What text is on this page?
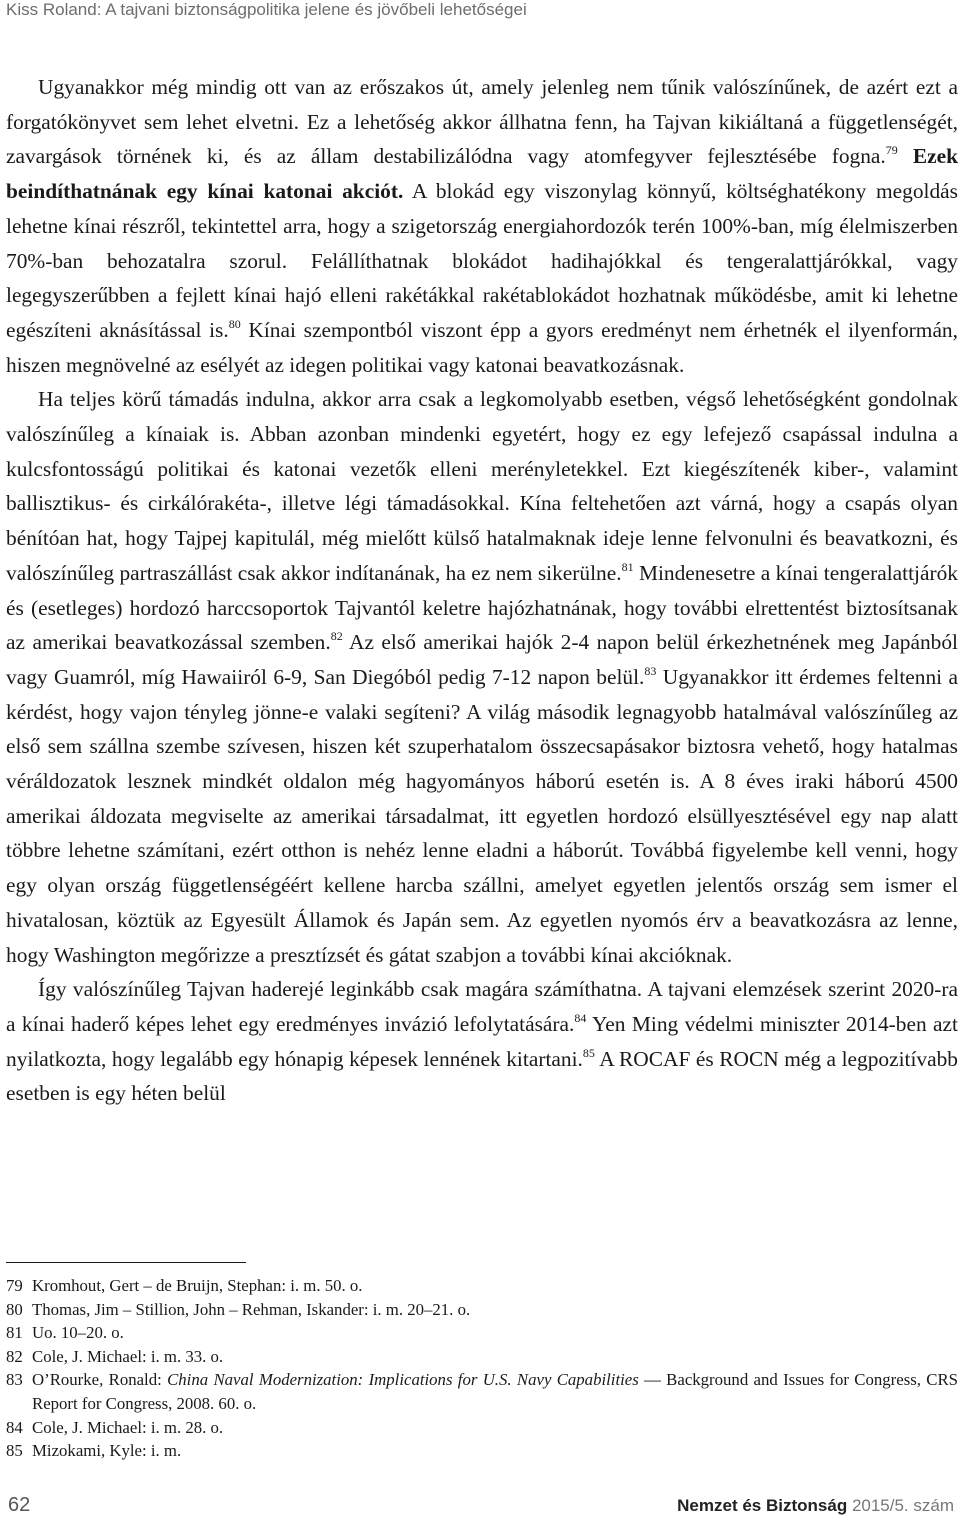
Kiss Roland: A tajvani biztonságpolitika jelene és jövőbeli lehetőségei

Ugyanakkor még mindig ott van az erőszakos út, amely jelenleg nem tűnik valószínűnek, de azért ezt a forgatókönyvet sem lehet elvetni. Ez a lehetőség akkor állhatna fenn, ha Tajvan kikiáltaná a függetlenségét, zavargások törnének ki, és az állam destabilizálódna vagy atomfegyver fejlesztésébe fogna.$^{79}$ Ezek beindíthatnának egy kínai katonai akciót. A blokád egy viszonylag könnyű, költséghatékony megoldás lehetne kínai részről, tekintettel arra, hogy a szigetország energiahordozók terén 100%-ban, míg élelmiszerben 70%-ban behozatalra szorul. Felállíthatnak blokádot hadihajókkal és tengeralattjárókkal, vagy legegyszerűbben a fejlett kínai hajó elleni rakétákkal rakétablokádot hozhatnak működésbe, amit ki lehetne egészíteni aknásítással is.$^{80}$ Kínai szempontból viszont épp a gyors eredményt nem érhetnék el ilyenformán, hiszen megnövelné az esélyét az idegen politikai vagy katonai beavatkozásnak.

Ha teljes körű támadás indulna, akkor arra csak a legkomolyabb esetben, végső lehetőségként gondolnak valószínűleg a kínaiak is. Abban azonban mindenki egyetért, hogy ez egy lefejező csapással indulna a kulcsfontosságú politikai és katonai vezetők elleni merényletekkel. Ezt kiegészítenék kiber-, valamint ballisztikus- és cirkálórakéta-, illetve légi támadásokkal. Kína feltehetően azt várná, hogy a csapás olyan bénítóan hat, hogy Tajpej kapitulál, még mielőtt külső hatalmaknak ideje lenne felvonulni és beavatkozni, és valószínűleg partraszállást csak akkor indítanának, ha ez nem sikerülne.$^{81}$ Mindenesetre a kínai tengeralattjárók és (esetleges) hordozó harccsoportok Tajvantól keletre hajózhatnának, hogy további elrettentést biztosítsanak az amerikai beavatkozással szemben.$^{82}$ Az első amerikai hajók 2-4 napon belül érkezhetnének meg Japánból vagy Guamról, míg Hawaiiról 6-9, San Diegóból pedig 7-12 napon belül.$^{83}$ Ugyanakkor itt érdemes feltenni a kérdést, hogy vajon tényleg jönne-e valaki segíteni? A világ második legnagyobb hatalmával valószínűleg az első sem szállna szembe szívesen, hiszen két szuperhatalom összecsapásakor biztosra vehető, hogy hatalmas véráldozatok lesznek mindkét oldalon még hagyományos háború esetén is. A 8 éves iraki háború 4500 amerikai áldozata megviselte az amerikai társadalmat, itt egyetlen hordozó elsüllyesztésével egy nap alatt többre lehetne számítani, ezért otthon is nehéz lenne eladni a háborút. Továbbá figyelembe kell venni, hogy egy olyan ország függetlenségéért kellene harcba szállni, amelyet egyetlen jelentős ország sem ismer el hivatalosan, köztük az Egyesült Államok és Japán sem. Az egyetlen nyomós érv a beavatkozásra az lenne, hogy Washington megőrizze a presztízsét és gátat szabjon a további kínai akcióknak.

Így valószínűleg Tajvan haderejé leginkább csak magára számíthatna. A tajvani elemzések szerint 2020-ra a kínai haderő képes lehet egy eredményes invázió lefolytatására.$^{84}$ Yen Ming védelmi miniszter 2014-ben azt nyilatkozta, hogy legalább egy hónapig képesek lennének kitartani.$^{85}$ A ROCAF és ROCN még a legpozitívabb esetben is egy héten belül

79 Kromhout, Gert – de Bruijn, Stephan: i. m. 50. o.
80 Thomas, Jim – Stillion, John – Rehman, Iskander: i. m. 20–21. o.
81 Uo. 10–20. o.
82 Cole, J. Michael: i. m. 33. o.
83 O’Rourke, Ronald: China Naval Modernization: Implications for U.S. Navy Capabilities — Background and Issues for Congress, CRS Report for Congress, 2008. 60. o.
84 Cole, J. Michael: i. m. 28. o.
85 Mizokami, Kyle: i. m.
62	Nemzet és Biztonság 2015/5. szám
